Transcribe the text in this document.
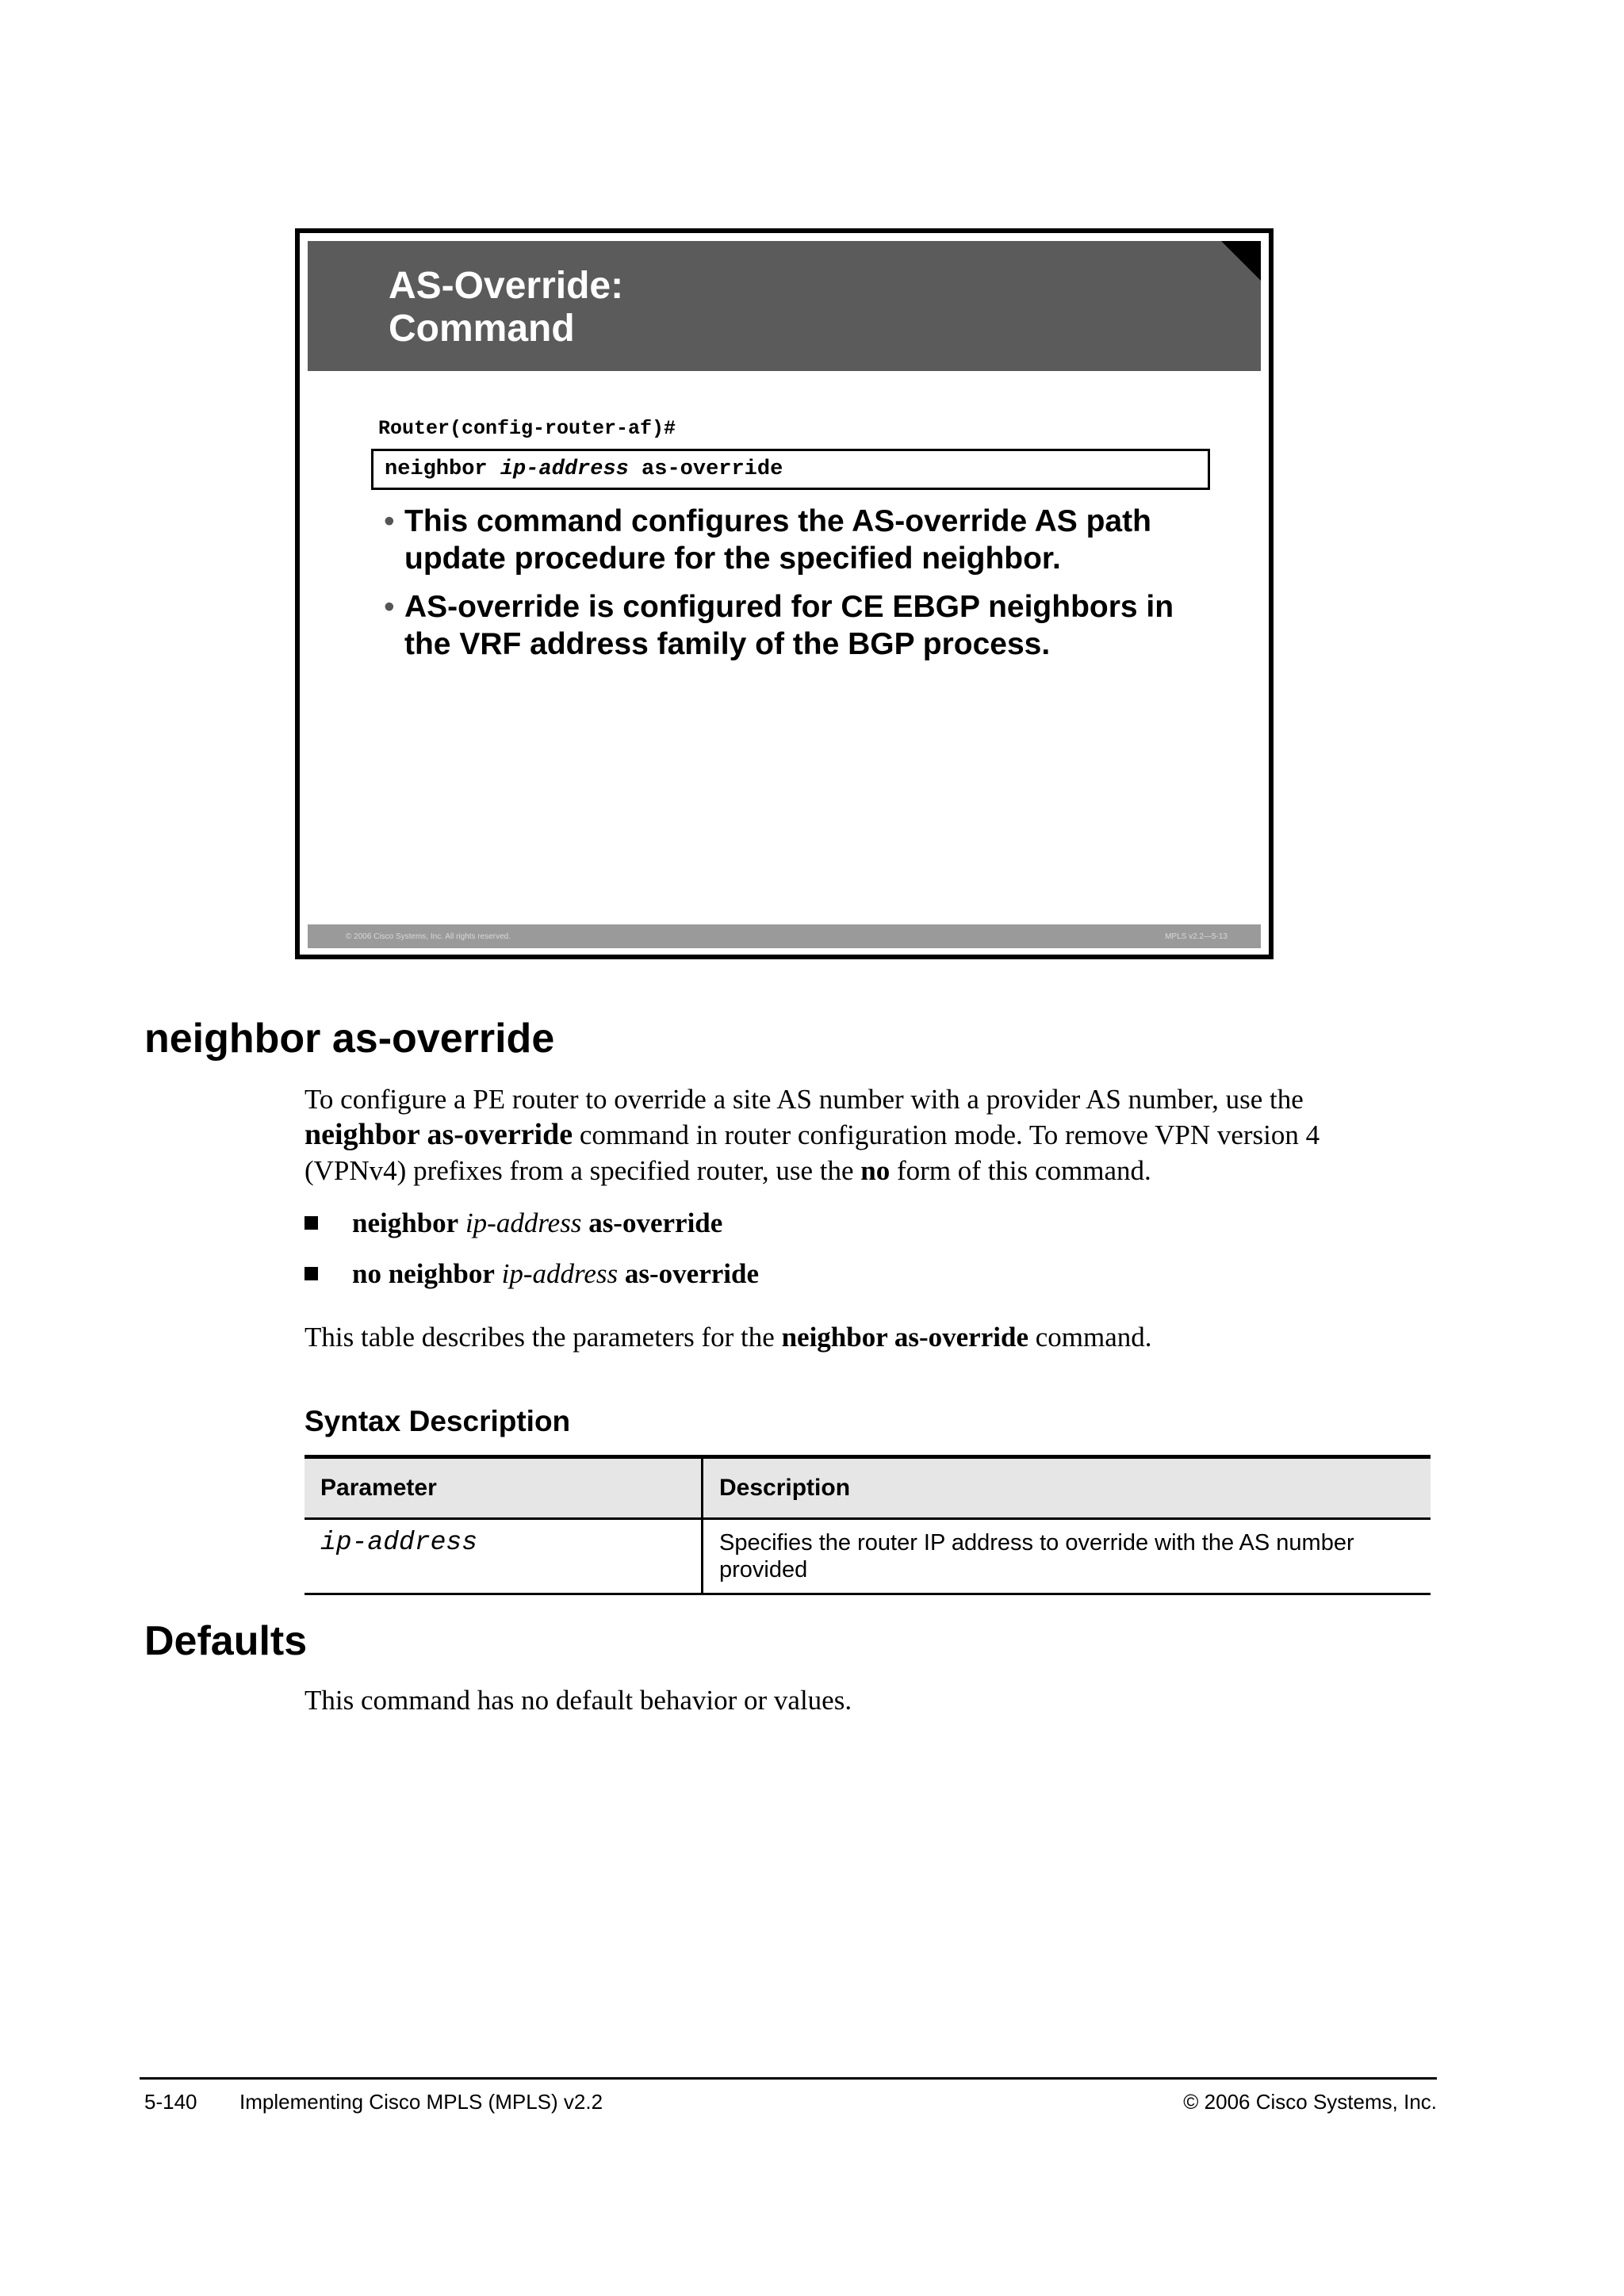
AS-Override:
Command
Router(config-router-af)#
neighbor ip-address as-override
• This command configures the AS-override AS path update procedure for the specified neighbor.
• AS-override is configured for CE EBGP neighbors in the VRF address family of the BGP process.
© 2006 Cisco Systems, Inc. All rights reserved.	MPLS v2.2—5-13
neighbor as-override

To configure a PE router to override a site AS number with a provider AS number, use the neighbor as-override command in router configuration mode. To remove VPN version 4 (VPNv4) prefixes from a specified router, use the no form of this command.

neighbor ip-address as-override
no neighbor ip-address as-override

This table describes the parameters for the neighbor as-override command.

Syntax Description
Parameter	Description
ip-address	Specifies the router IP address to override with the AS number provided
Defaults

This command has no default behavior or values.

5-140 Implementing Cisco MPLS (MPLS) v2.2	© 2006 Cisco Systems, Inc.
